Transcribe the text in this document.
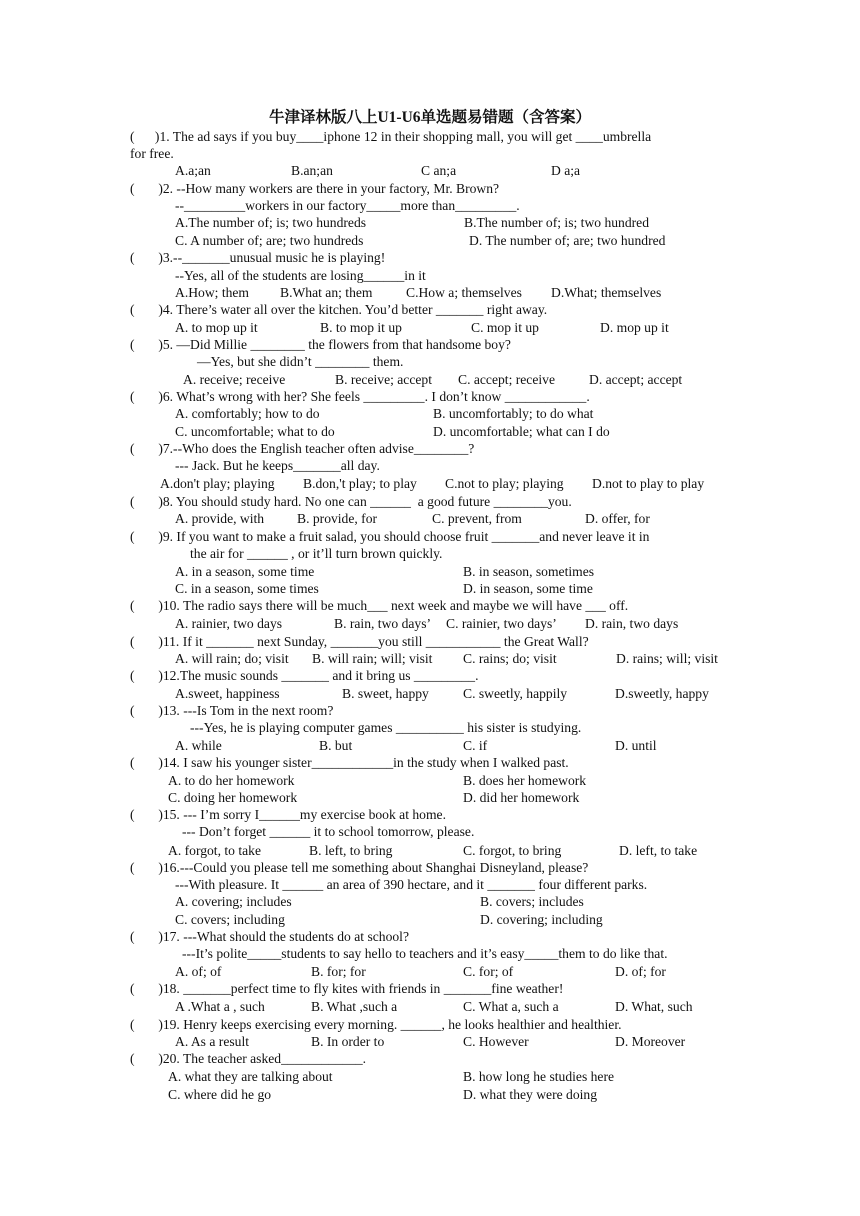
牛津译林版八上U1-U6单选题易错题（含答案）
(      )1. The ad says if you buy____iphone 12 in their shopping mall, you will get ____umbrella
for free.
A.a;an	B.an;an	C an;a	D a;a
(       )2. --How many workers are there in your factory, Mr. Brown?
--_________workers in our factory_____more than_________.
A.The number of; is; two hundreds	B.The number of; is; two hundred
C. A number of; are; two hundreds	D. The number of; are; two hundred
(       )3.--_______unusual music he is playing!
--Yes, all of the students are losing______in it
A.How; them B.What an; them C.How a; themselves D.What; themselves
(       )4. There’s water all over the kitchen. You’d better _______ right away.
A. to mop up it	B. to mop it up	C. mop it up	D. mop up it
(       )5. —Did Millie ________ the flowers from that handsome boy?
—Yes, but she didn’t ________ them.
A. receive; receive	B. receive; accept C. accept; receive	D. accept; accept
(       )6. What’s wrong with her? She feels _________. I don’t know ____________.
A. comfortably; how to do	B. uncomfortably; to do what
C. uncomfortable; what to do	D. uncomfortable; what can I do
(       )7.--Who does the English teacher often advise________?
--- Jack. But he keeps_______all day.
A.don't play; playing B.don,'t play; to play C.not to play; playing D.not to play to play
(       )8. You should study hard. No one can ______  a good future ________you.
A. provide, with B. provide, for	C. prevent, from	D. offer, for
(       )9. If you want to make a fruit salad, you should choose fruit _______and never leave it in
the air for ______ , or it’ll turn brown quickly.
A. in a season, some time	B. in season, sometimes
C. in a season, some times	D. in season, some time
(       )10. The radio says there will be much___ next week and maybe we will have ___ off.
A. rainier, two days	B. rain, two days’ C. rainier, two days’ D. rain, two days
(       )11. If it _______ next Sunday, _______you still ___________ the Great Wall?
A. will rain; do; visit B. will rain; will; visit C. rains; do; visit	D. rains; will; visit
(       )12.The music sounds _______ and it bring us _________.
A.sweet, happiness	B. sweet, happy	C. sweetly, happily	D.sweetly, happy
(       )13. ---Is Tom in the next room?
---Yes, he is playing computer games __________ his sister is studying.
A. while	B. but	C. if	D. until
(       )14. I saw his younger sister____________in the study when I walked past.
A. to do her homework	B. does her homework
C. doing her homework	D. did her homework
(       )15. --- I’m sorry I______my exercise book at home.
--- Don’t forget ______ it to school tomorrow, please.
A. forgot, to take	B. left, to bring	C. forgot, to bring	D. left, to take
(       )16.---Could you please tell me something about Shanghai Disneyland, please?
---With pleasure. It ______ an area of 390 hectare, and it _______ four different parks.
A. covering; includes	B. covers; includes
C. covers; including	D. covering; including
(       )17. ---What should the students do at school?
---It’s polite_____students to say hello to teachers and it’s easy_____them to do like that.
A. of; of	B. for; for	C. for; of	D. of; for
(       )18. _______perfect time to fly kites with friends in _______fine weather!
A .What a , such	B. What ,such a	C. What a, such a	D. What, such
(       )19. Henry keeps exercising every morning. ______, he looks healthier and healthier.
A. As a result	B. In order to	C. However	D. Moreover
(       )20. The teacher asked____________.
A. what they are talking about	B. how long he studies here
C. where did he go	D. what they were doing
